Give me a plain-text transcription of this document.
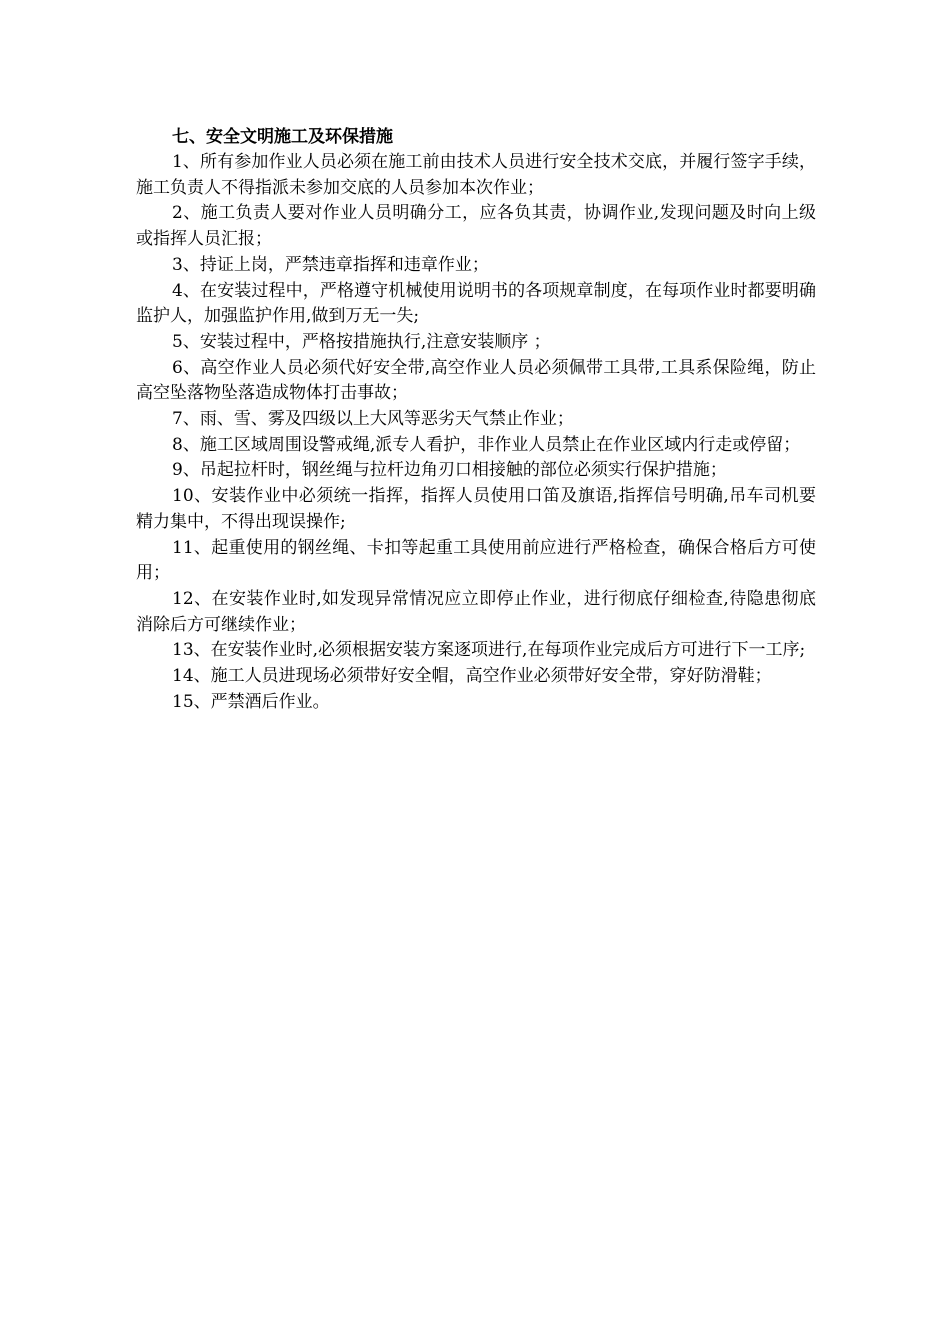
七、安全文明施工及环保措施

1、所有参加作业人员必须在施工前由技术人员进行安全技术交底，并履行签字手续，施工负责人不得指派未参加交底的人员参加本次作业；

2、施工负责人要对作业人员明确分工，应各负其责，协调作业,发现问题及时向上级或指挥人员汇报；

3、持证上岗，严禁违章指挥和违章作业；

4、在安装过程中，严格遵守机械使用说明书的各项规章制度，在每项作业时都要明确监护人，加强监护作用,做到万无一失;

5、安装过程中，严格按措施执行,注意安装顺序 ；

6、高空作业人员必须代好安全带,高空作业人员必须佩带工具带,工具系保险绳，防止高空坠落物坠落造成物体打击事故；

7、雨、雪、雾及四级以上大风等恶劣天气禁止作业；

8、施工区域周围设警戒绳,派专人看护，非作业人员禁止在作业区域内行走或停留；

9、吊起拉杆时，钢丝绳与拉杆边角刃口相接触的部位必须实行保护措施；

10、安装作业中必须统一指挥，指挥人员使用口笛及旗语,指挥信号明确,吊车司机要精力集中，不得出现误操作;

11、起重使用的钢丝绳、卡扣等起重工具使用前应进行严格检查，确保合格后方可使用；

12、在安装作业时,如发现异常情况应立即停止作业，进行彻底仔细检查,待隐患彻底消除后方可继续作业；

13、在安装作业时,必须根据安装方案逐项进行,在每项作业完成后方可进行下一工序;

14、施工人员进现场必须带好安全帽，高空作业必须带好安全带，穿好防滑鞋；

15、严禁酒后作业。
